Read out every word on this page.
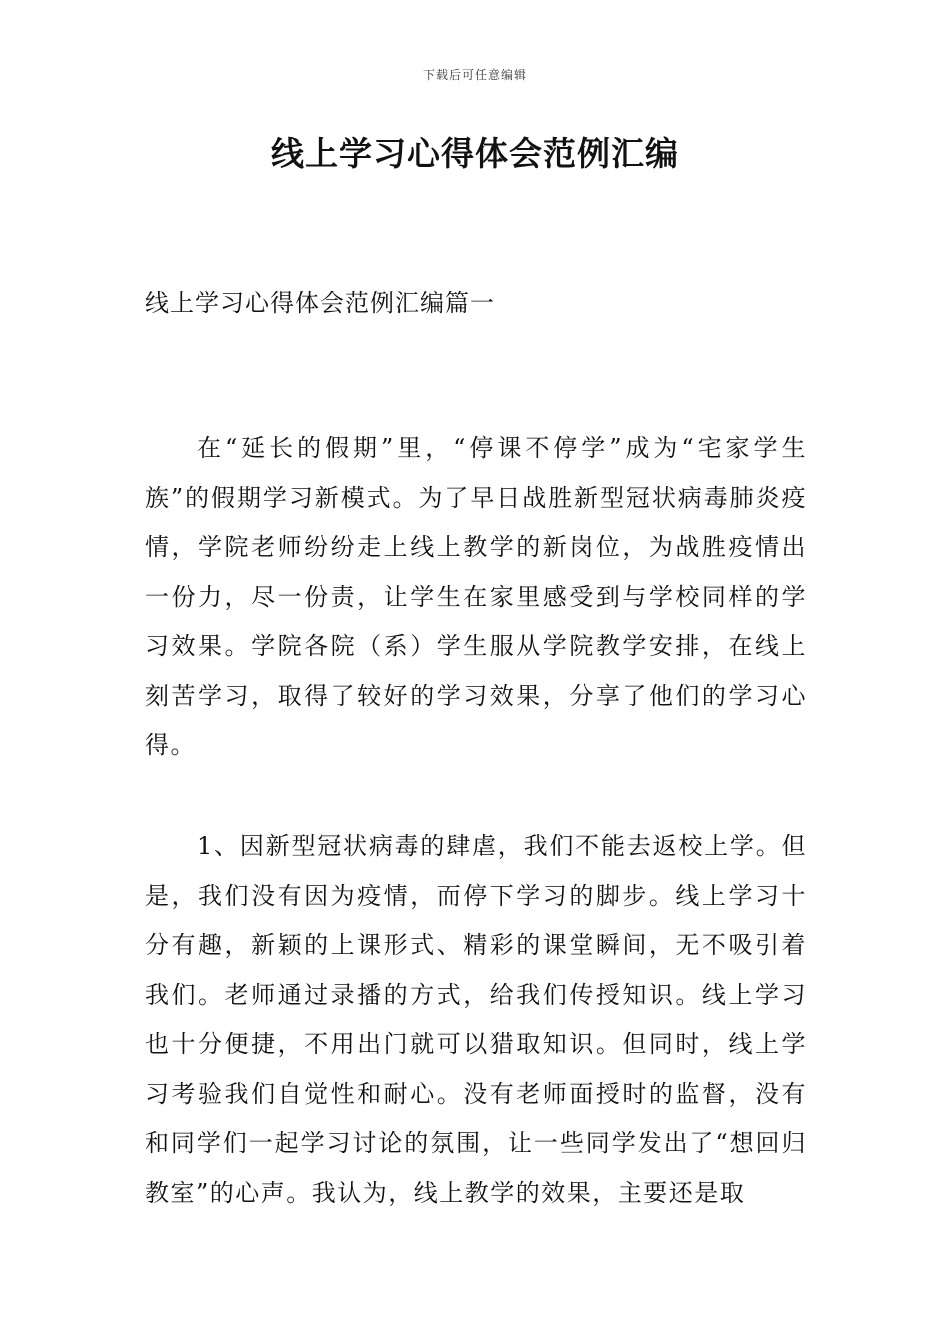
下载后可任意编辑
线上学习心得体会范例汇编
线上学习心得体会范例汇编篇一

在“延长的假期”里，“停课不停学”成为“宅家学生族”的假期学习新模式。为了早日战胜新型冠状病毒肺炎疫情，学院老师纷纷走上线上教学的新岗位，为战胜疫情出一份力，尽一份责，让学生在家里感受到与学校同样的学习效果。学院各院（系）学生服从学院教学安排，在线上刻苦学习，取得了较好的学习效果，分享了他们的学习心得。

1、因新型冠状病毒的肆虐，我们不能去返校上学。但是，我们没有因为疫情，而停下学习的脚步。线上学习十分有趣，新颖的上课形式、精彩的课堂瞬间，无不吸引着我们。老师通过录播的方式，给我们传授知识。线上学习也十分便捷，不用出门就可以猎取知识。但同时，线上学习考验我们自觉性和耐心。没有老师面授时的监督，没有和同学们一起学习讨论的氛围，让一些同学发出了“想回归教室”的心声。我认为，线上教学的效果，主要还是取
